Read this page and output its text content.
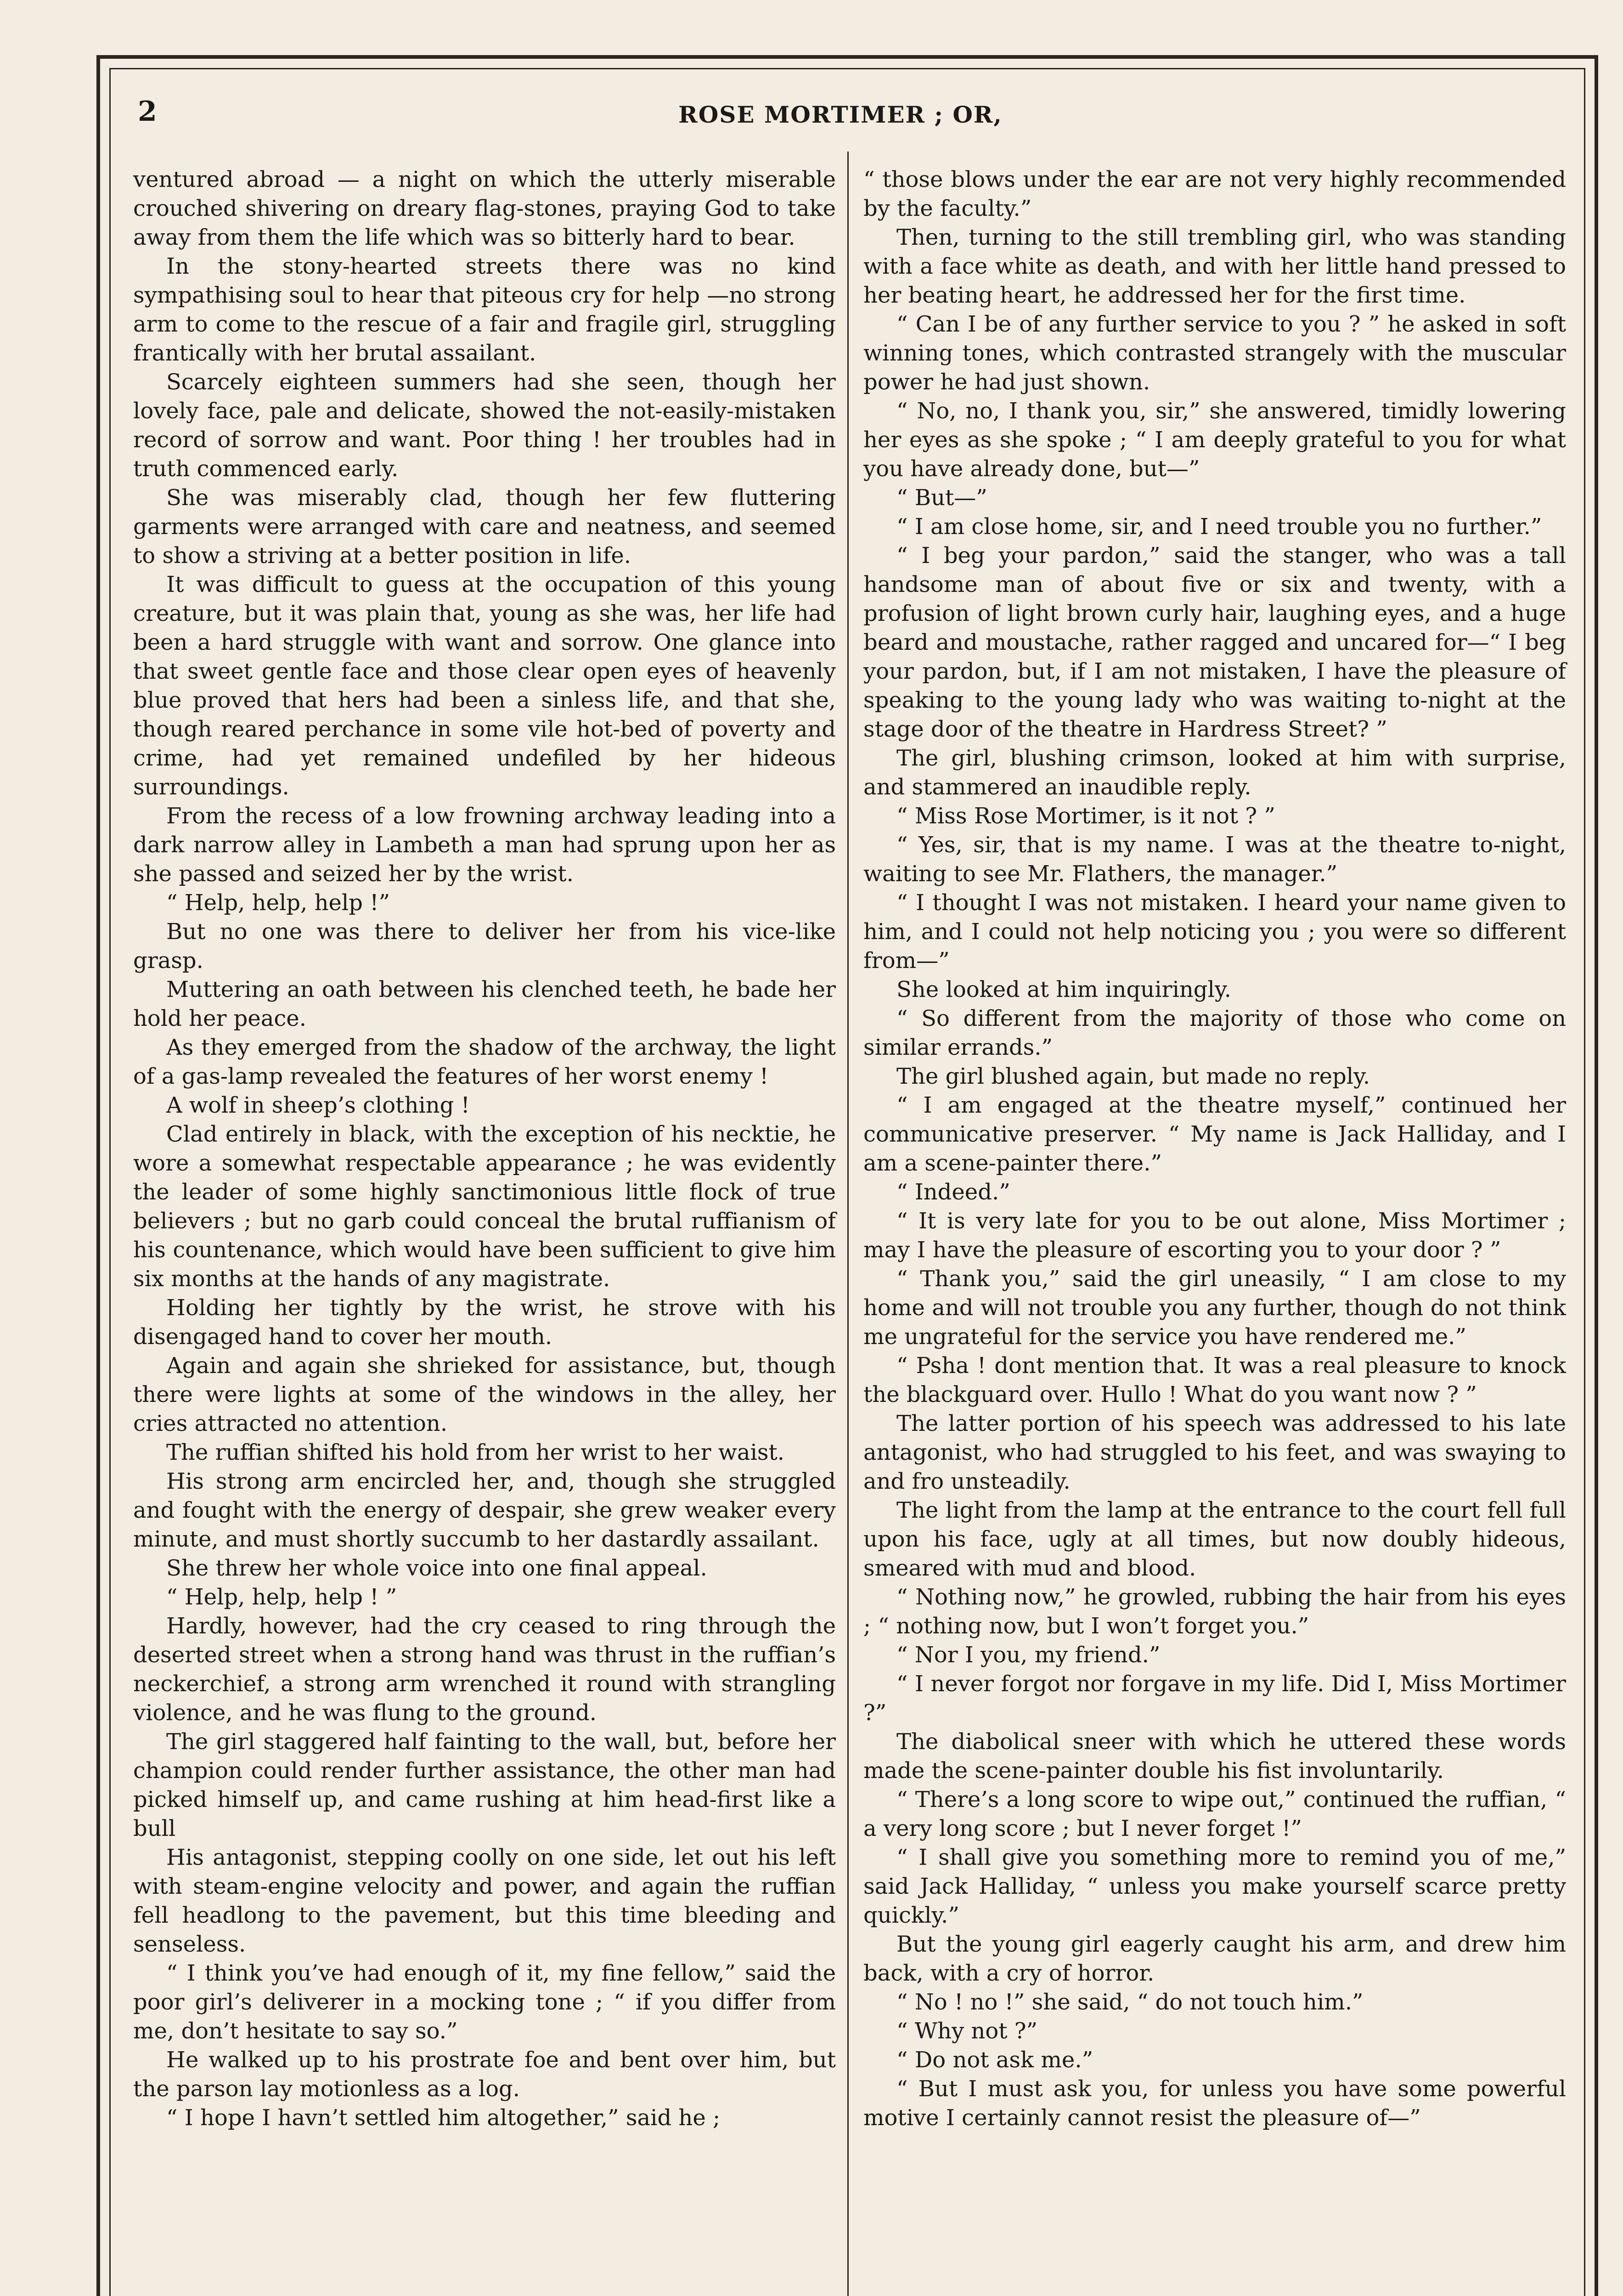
2	ROSE MORTIMER ; OR,

ventured abroad — a night on which the utterly miserable crouched shivering on dreary flag-stones, praying God to take away from them the life which was so bitterly hard to bear.

In the stony-hearted streets there was no kind sympathising soul to hear that piteous cry for help —no strong arm to come to the rescue of a fair and fragile girl, struggling frantically with her brutal assailant.

Scarcely eighteen summers had she seen, though her lovely face, pale and delicate, showed the not-easily-mistaken record of sorrow and want. Poor thing ! her troubles had in truth commenced early.

She was miserably clad, though her few fluttering garments were arranged with care and neatness, and seemed to show a striving at a better position in life.

It was difficult to guess at the occupation of this young creature, but it was plain that, young as she was, her life had been a hard struggle with want and sorrow. One glance into that sweet gentle face and those clear open eyes of heavenly blue proved that hers had been a sinless life, and that she, though reared perchance in some vile hot-bed of poverty and crime, had yet remained undefiled by her hideous surroundings.

From the recess of a low frowning archway leading into a dark narrow alley in Lambeth a man had sprung upon her as she passed and seized her by the wrist.

“ Help, help, help !”

But no one was there to deliver her from his vice-like grasp.

Muttering an oath between his clenched teeth, he bade her hold her peace.

As they emerged from the shadow of the archway, the light of a gas-lamp revealed the features of her worst enemy !

A wolf in sheep’s clothing !

Clad entirely in black, with the exception of his necktie, he wore a somewhat respectable appearance ; he was evidently the leader of some highly sanctimonious little flock of true believers ; but no garb could conceal the brutal ruffianism of his countenance, which would have been sufficient to give him six months at the hands of any magistrate.

Holding her tightly by the wrist, he strove with his disengaged hand to cover her mouth.

Again and again she shrieked for assistance, but, though there were lights at some of the windows in the alley, her cries attracted no attention.

The ruffian shifted his hold from her wrist to her waist.

His strong arm encircled her, and, though she struggled and fought with the energy of despair, she grew weaker every minute, and must shortly succumb to her dastardly assailant.

She threw her whole voice into one final appeal.

“ Help, help, help ! ”

Hardly, however, had the cry ceased to ring through the deserted street when a strong hand was thrust in the ruffian’s neckerchief, a strong arm wrenched it round with strangling violence, and he was flung to the ground.

The girl staggered half fainting to the wall, but, before her champion could render further assistance, the other man had picked himself up, and came rushing at him head-first like a bull

His antagonist, stepping coolly on one side, let out his left with steam-engine velocity and power, and again the ruffian fell headlong to the pavement, but this time bleeding and senseless.

“ I think you’ve had enough of it, my fine fellow,” said the poor girl’s deliverer in a mocking tone ; “ if you differ from me, don’t hesitate to say so.”

He walked up to his prostrate foe and bent over him, but the parson lay motionless as a log.

“ I hope I havn’t settled him altogether,” said he ;

“ those blows under the ear are not very highly recommended by the faculty.”

Then, turning to the still trembling girl, who was standing with a face white as death, and with her little hand pressed to her beating heart, he addressed her for the first time.

“ Can I be of any further service to you ? ” he asked in soft winning tones, which contrasted strangely with the muscular power he had just shown.

“ No, no, I thank you, sir,” she answered, timidly lowering her eyes as she spoke ; “ I am deeply grateful to you for what you have already done, but—”

“ But—”

“ I am close home, sir, and I need trouble you no further.”

“ I beg your pardon,” said the stanger, who was a tall handsome man of about five or six and twenty, with a profusion of light brown curly hair, laughing eyes, and a huge beard and moustache, rather ragged and uncared for—“ I beg your pardon, but, if I am not mistaken, I have the pleasure of speaking to the young lady who was waiting to-night at the stage door of the theatre in Hardress Street? ”

The girl, blushing crimson, looked at him with surprise, and stammered an inaudible reply.

“ Miss Rose Mortimer, is it not ? ”

“ Yes, sir, that is my name. I was at the theatre to-night, waiting to see Mr. Flathers, the manager.”

“ I thought I was not mistaken. I heard your name given to him, and I could not help noticing you ; you were so different from—”

She looked at him inquiringly.

“ So different from the majority of those who come on similar errands.”

The girl blushed again, but made no reply.

“ I am engaged at the theatre myself,” continued her communicative preserver. “ My name is Jack Halliday, and I am a scene-painter there.”

“ Indeed.”

“ It is very late for you to be out alone, Miss Mortimer ; may I have the pleasure of escorting you to your door ? ”

“ Thank you,” said the girl uneasily, “ I am close to my home and will not trouble you any further, though do not think me ungrateful for the service you have rendered me.”

“ Psha ! dont mention that. It was a real pleasure to knock the blackguard over. Hullo ! What do you want now ? ”

The latter portion of his speech was addressed to his late antagonist, who had struggled to his feet, and was swaying to and fro unsteadily.

The light from the lamp at the entrance to the court fell full upon his face, ugly at all times, but now doubly hideous, smeared with mud and blood.

“ Nothing now,” he growled, rubbing the hair from his eyes ; “ nothing now, but I won’t forget you.”

“ Nor I you, my friend.”

“ I never forgot nor forgave in my life. Did I, Miss Mortimer ?”

The diabolical sneer with which he uttered these words made the scene-painter double his fist involuntarily.

“ There’s a long score to wipe out,” continued the ruffian, “ a very long score ; but I never forget !”

“ I shall give you something more to remind you of me,” said Jack Halliday, “ unless you make yourself scarce pretty quickly.”

But the young girl eagerly caught his arm, and drew him back, with a cry of horror.

“ No ! no !” she said, “ do not touch him.”

“ Why not ?”

“ Do not ask me.”

“ But I must ask you, for unless you have some powerful motive I certainly cannot resist the pleasure of—”
